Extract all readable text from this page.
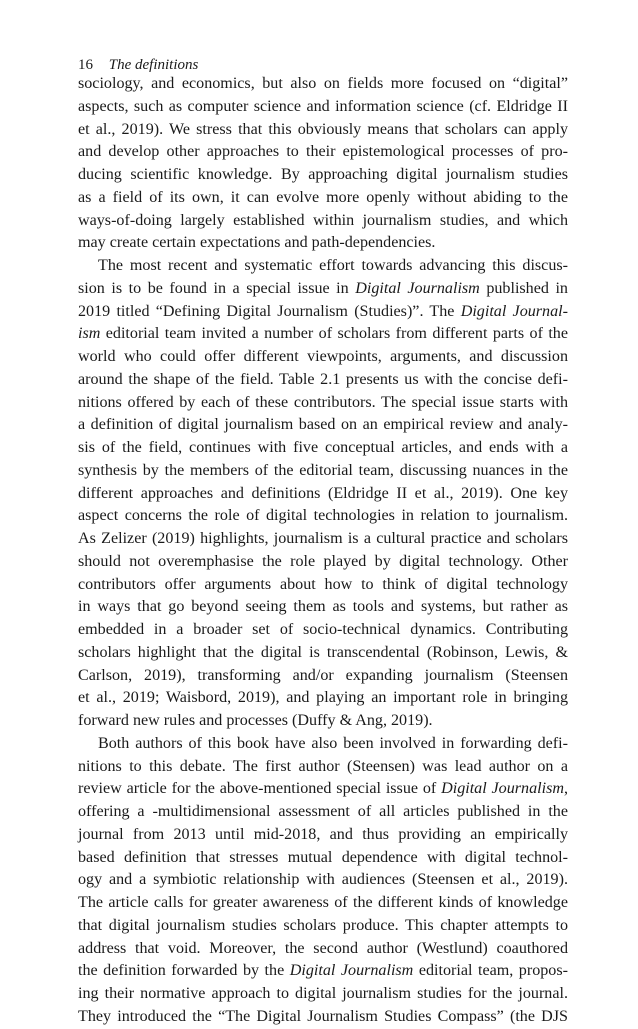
16 The definitions
sociology, and economics, but also on fields more focused on “digital”
aspects, such as computer science and information science (cf. Eldridge II
et al., 2019). We stress that this obviously means that scholars can apply
and develop other approaches to their epistemological processes of pro-
ducing scientific knowledge. By approaching digital journalism studies
as a field of its own, it can evolve more openly without abiding to the
ways-of-doing largely established within journalism studies, and which
may create certain expectations and path-dependencies.
The most recent and systematic effort towards advancing this discus-
sion is to be found in a special issue in Digital Journalism published in
2019 titled “Defining Digital Journalism (Studies)”. The Digital Journal-
ism editorial team invited a number of scholars from different parts of the
world who could offer different viewpoints, arguments, and discussion
around the shape of the field. Table 2.1 presents us with the concise defi-
nitions offered by each of these contributors. The special issue starts with
a definition of digital journalism based on an empirical review and analy-
sis of the field, continues with five conceptual articles, and ends with a
synthesis by the members of the editorial team, discussing nuances in the
different approaches and definitions (Eldridge II et al., 2019). One key
aspect concerns the role of digital technologies in relation to journalism.
As Zelizer (2019) highlights, journalism is a cultural practice and scholars
should not overemphasise the role played by digital technology. Other
contributors offer arguments about how to think of digital technology
in ways that go beyond seeing them as tools and systems, but rather as
embedded in a broader set of socio-technical dynamics. Contributing
scholars highlight that the digital is transcendental (Robinson, Lewis, &
Carlson, 2019), transforming and/or expanding journalism (Steensen
et al., 2019; Waisbord, 2019), and playing an important role in bringing
forward new rules and processes (Duffy & Ang, 2019).
Both authors of this book have also been involved in forwarding defi-
nitions to this debate. The first author (Steensen) was lead author on a
review article for the above-mentioned special issue of Digital Journalism,
offering a -multidimensional assessment of all articles published in the
journal from 2013 until mid-2018, and thus providing an empirically
based definition that stresses mutual dependence with digital technol-
ogy and a symbiotic relationship with audiences (Steensen et al., 2019).
The article calls for greater awareness of the different kinds of knowledge
that digital journalism studies scholars produce. This chapter attempts to
address that void. Moreover, the second author (Westlund) coauthored
the definition forwarded by the Digital Journalism editorial team, propos-
ing their normative approach to digital journalism studies for the journal.
They introduced the “The Digital Journalism Studies Compass” (the DJS
